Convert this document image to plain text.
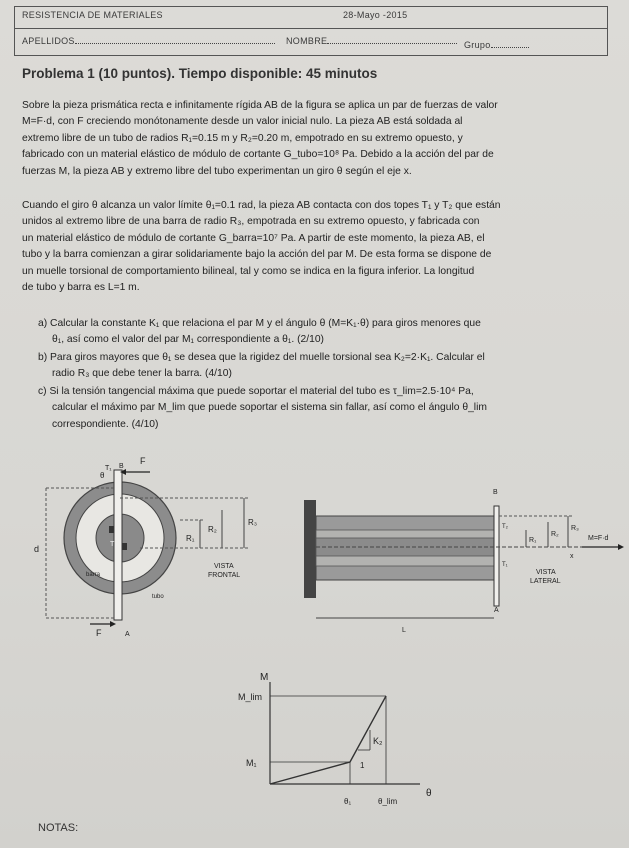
RESISTENCIA DE MATERIALES	28-Mayo -2015
APELLIDOS	NOMBRE	Grupo
Problema 1 (10 puntos). Tiempo disponible: 45 minutos
Sobre la pieza prismática recta e infinitamente rígida AB de la figura se aplica un par de fuerzas de valor
M=F·d, con F creciendo monótonamente desde un valor inicial nulo. La pieza AB está soldada al
extremo libre de un tubo de radios R₁=0.15 m y R₂=0.20 m, empotrado en su extremo opuesto, y
fabricado con un material elástico de módulo de cortante G_tubo=10⁸ Pa. Debido a la acción del par de
fuerzas M, la pieza AB y extremo libre del tubo experimentan un giro θ según el eje x.
Cuando el giro θ alcanza un valor límite θ₁=0.1 rad, la pieza AB contacta con dos topes T₁ y T₂ que están
unidos al extremo libre de una barra de radio R₃, empotrada en su extremo opuesto, y fabricada con
un material elástico de módulo de cortante G_barra=10⁷ Pa. A partir de este momento, la pieza AB, el
tubo y la barra comienzan a girar solidariamente bajo la acción del par M. De esta forma se dispone de
un muelle torsional de comportamiento bilineal, tal y como se indica en la figura inferior. La longitud
de tubo y barra es L=1 m.
a) Calcular la constante K₁ que relaciona el par M y el ángulo θ (M=K₁·θ) para giros menores que
θ₁, así como el valor del par M₁ correspondiente a θ₁. (2/10)
b) Para giros mayores que θ₁ se desea que la rigidez del muelle torsional sea K₂=2·K₁. Calcular el
radio R₃ que debe tener la barra. (4/10)
c) Si la tensión tangencial máxima que puede soportar el material del tubo es τ_lim=2.5·10⁴ Pa,
calcular el máximo par M_lim que puede soportar el sistema sin fallar, así como el ángulo θ_lim
correspondiente. (4/10)
F
θ
T₁ B
T₂
d
barra
tubo
F	A
R₁
R₂
R₃
VISTA
FRONTAL
B
T₂
T₁
A
R₁
R₂
R₃
M=F·d
x
L
VISTA
LATERAL
M
M_lim
M₁
K₂
1
θ₁	θ_lim
θ
NOTAS:
